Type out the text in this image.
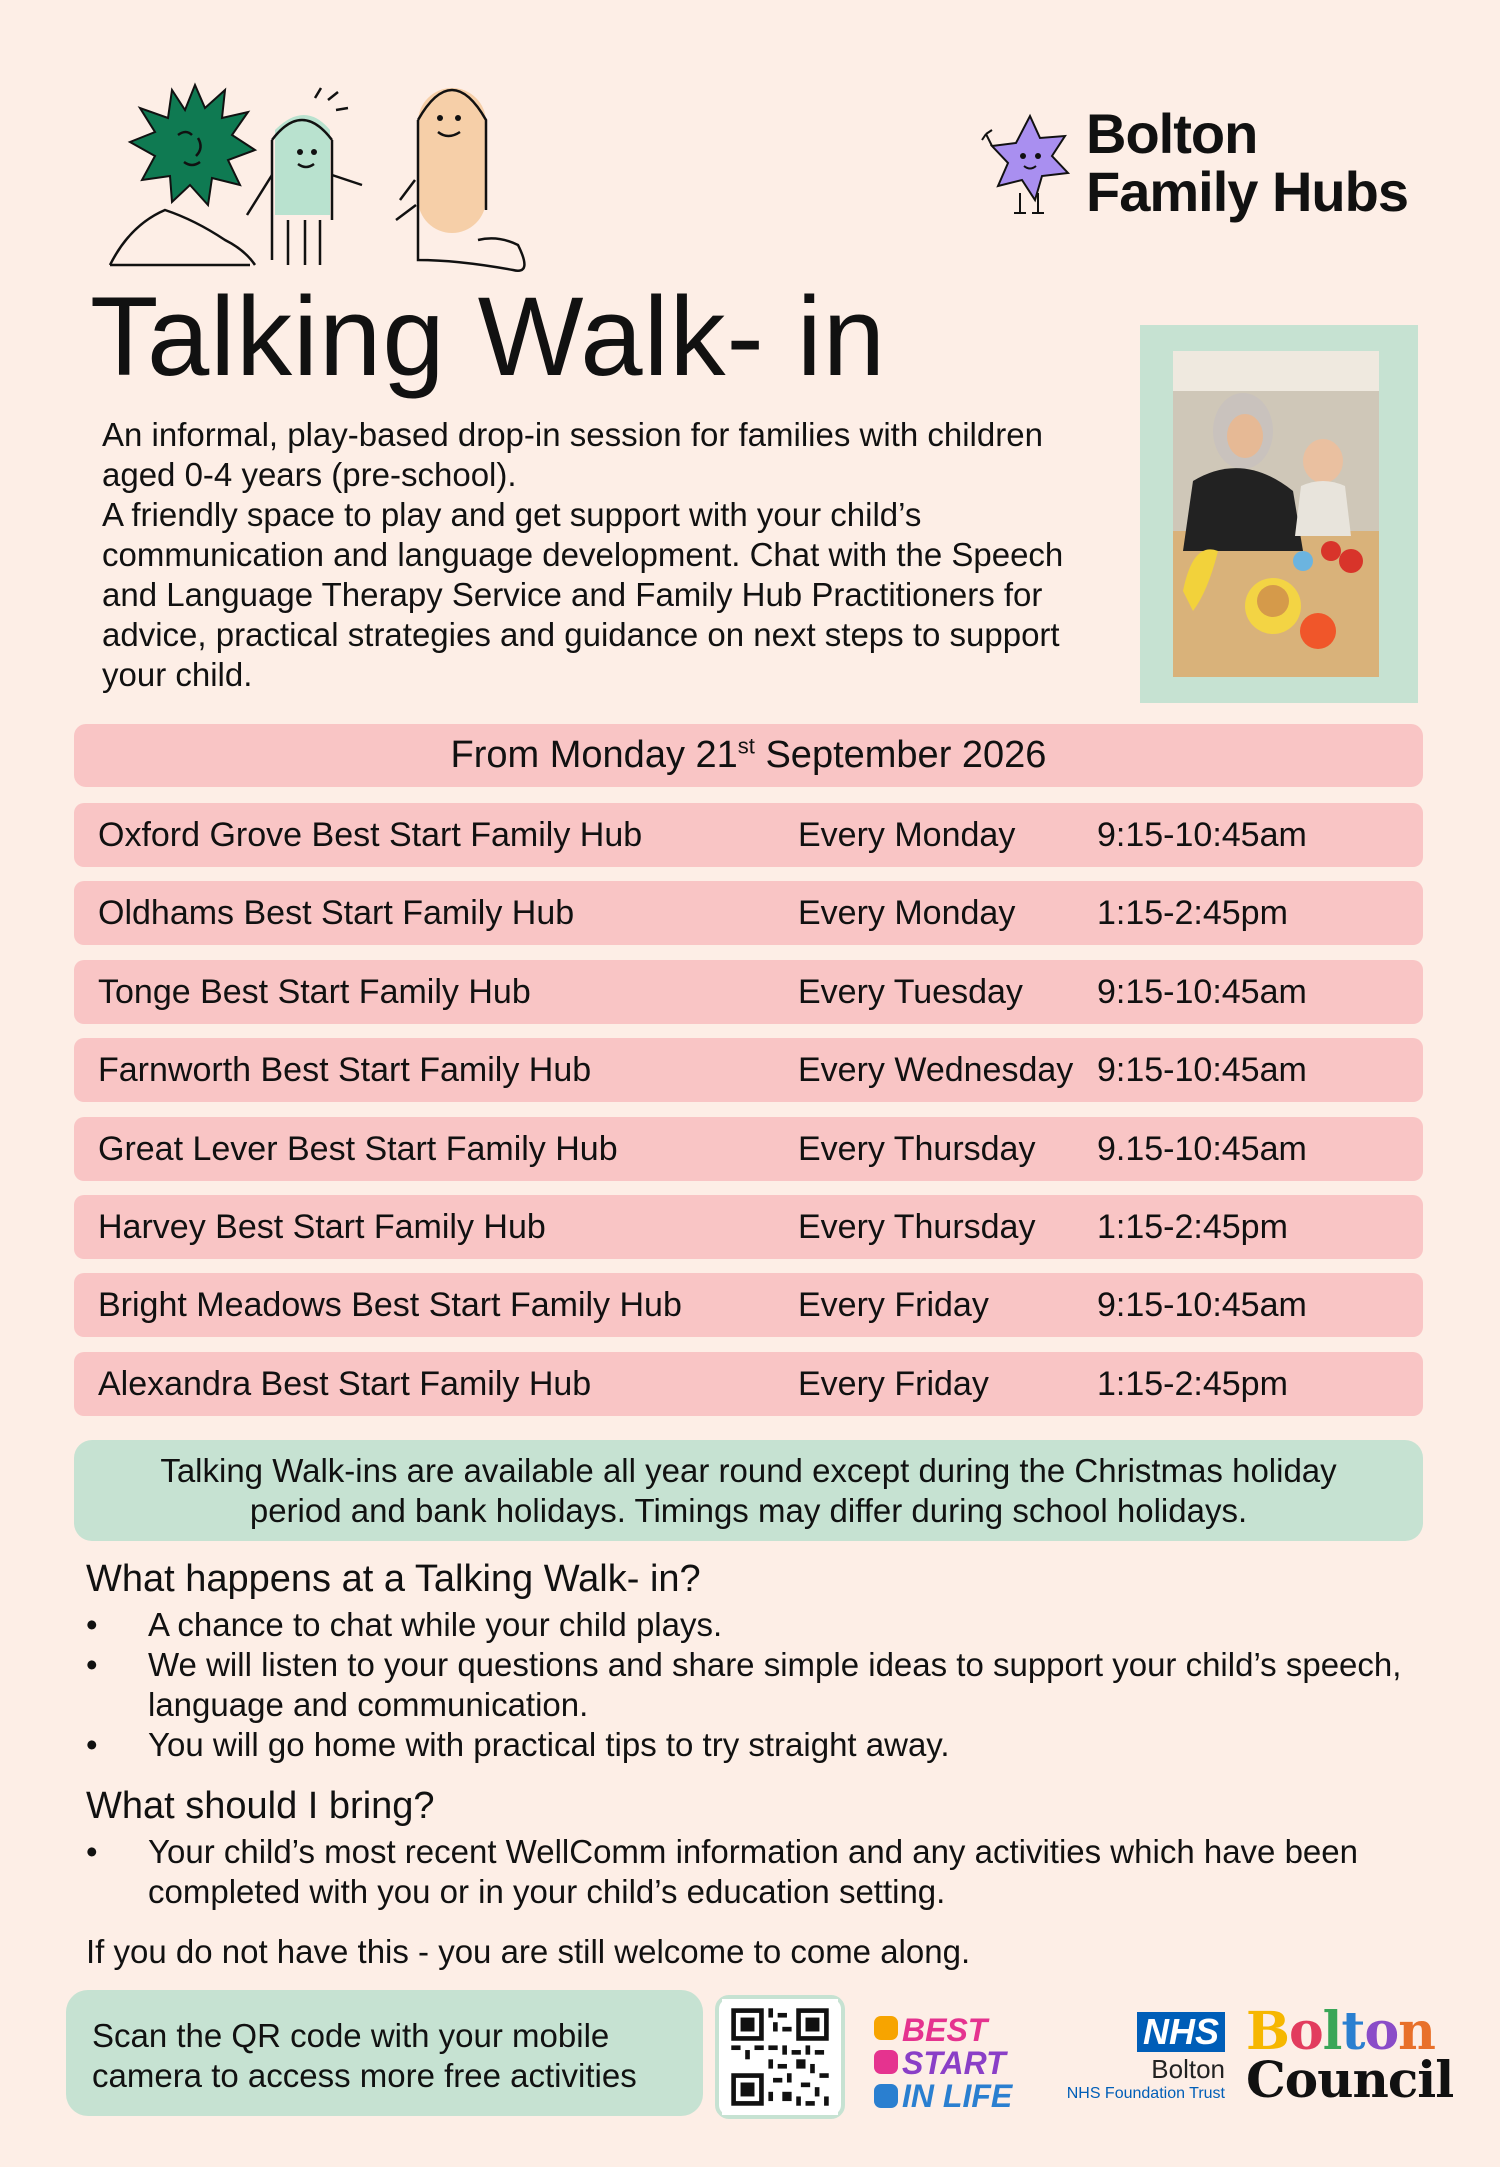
Bolton
Family Hubs
Talking Walk- in

An informal, play-based drop-in session for families with children aged 0-4 years (pre-school).

A friendly space to play and get support with your child’s communication and language development. Chat with the Speech and Language Therapy Service and Family Hub Practitioners for advice, practical strategies and guidance on next steps to support your child.

From Monday 21st September 2026
Oxford Grove Best Start Family Hub	Every Monday 9:15-10:45am
Oldhams Best Start Family Hub	Every Monday 1:15-2:45pm
Tonge Best Start Family Hub	Every Tuesday 9:15-10:45am
Farnworth Best Start Family Hub	Every Wednesday 9:15-10:45am
Great Lever Best Start Family Hub	Every Thursday 9.15-10:45am
Harvey Best Start Family Hub	Every Thursday 1:15-2:45pm
Bright Meadows Best Start Family Hub	Every Friday	9:15-10:45am
Alexandra Best Start Family Hub	Every Friday	1:15-2:45pm
Talking Walk-ins are available all year round except during the Christmas holiday
period and bank holidays. Timings may differ during school holidays.
What happens at a Talking Walk- in?
• A chance to chat while your child plays.
• We will listen to your questions and share simple ideas to support your child’s speech, language and communication.
• You will go home with practical tips to try straight away.
What should I bring?
• Your child’s most recent WellComm information and any activities which have been completed with you or in your child’s education setting.
If you do not have this - you are still welcome to come along.
Scan the QR code with your mobile
camera to access more free activities
BEST
START
IN LIFE
NHS
Bolton
NHS Foundation Trust
Bolton
Council
